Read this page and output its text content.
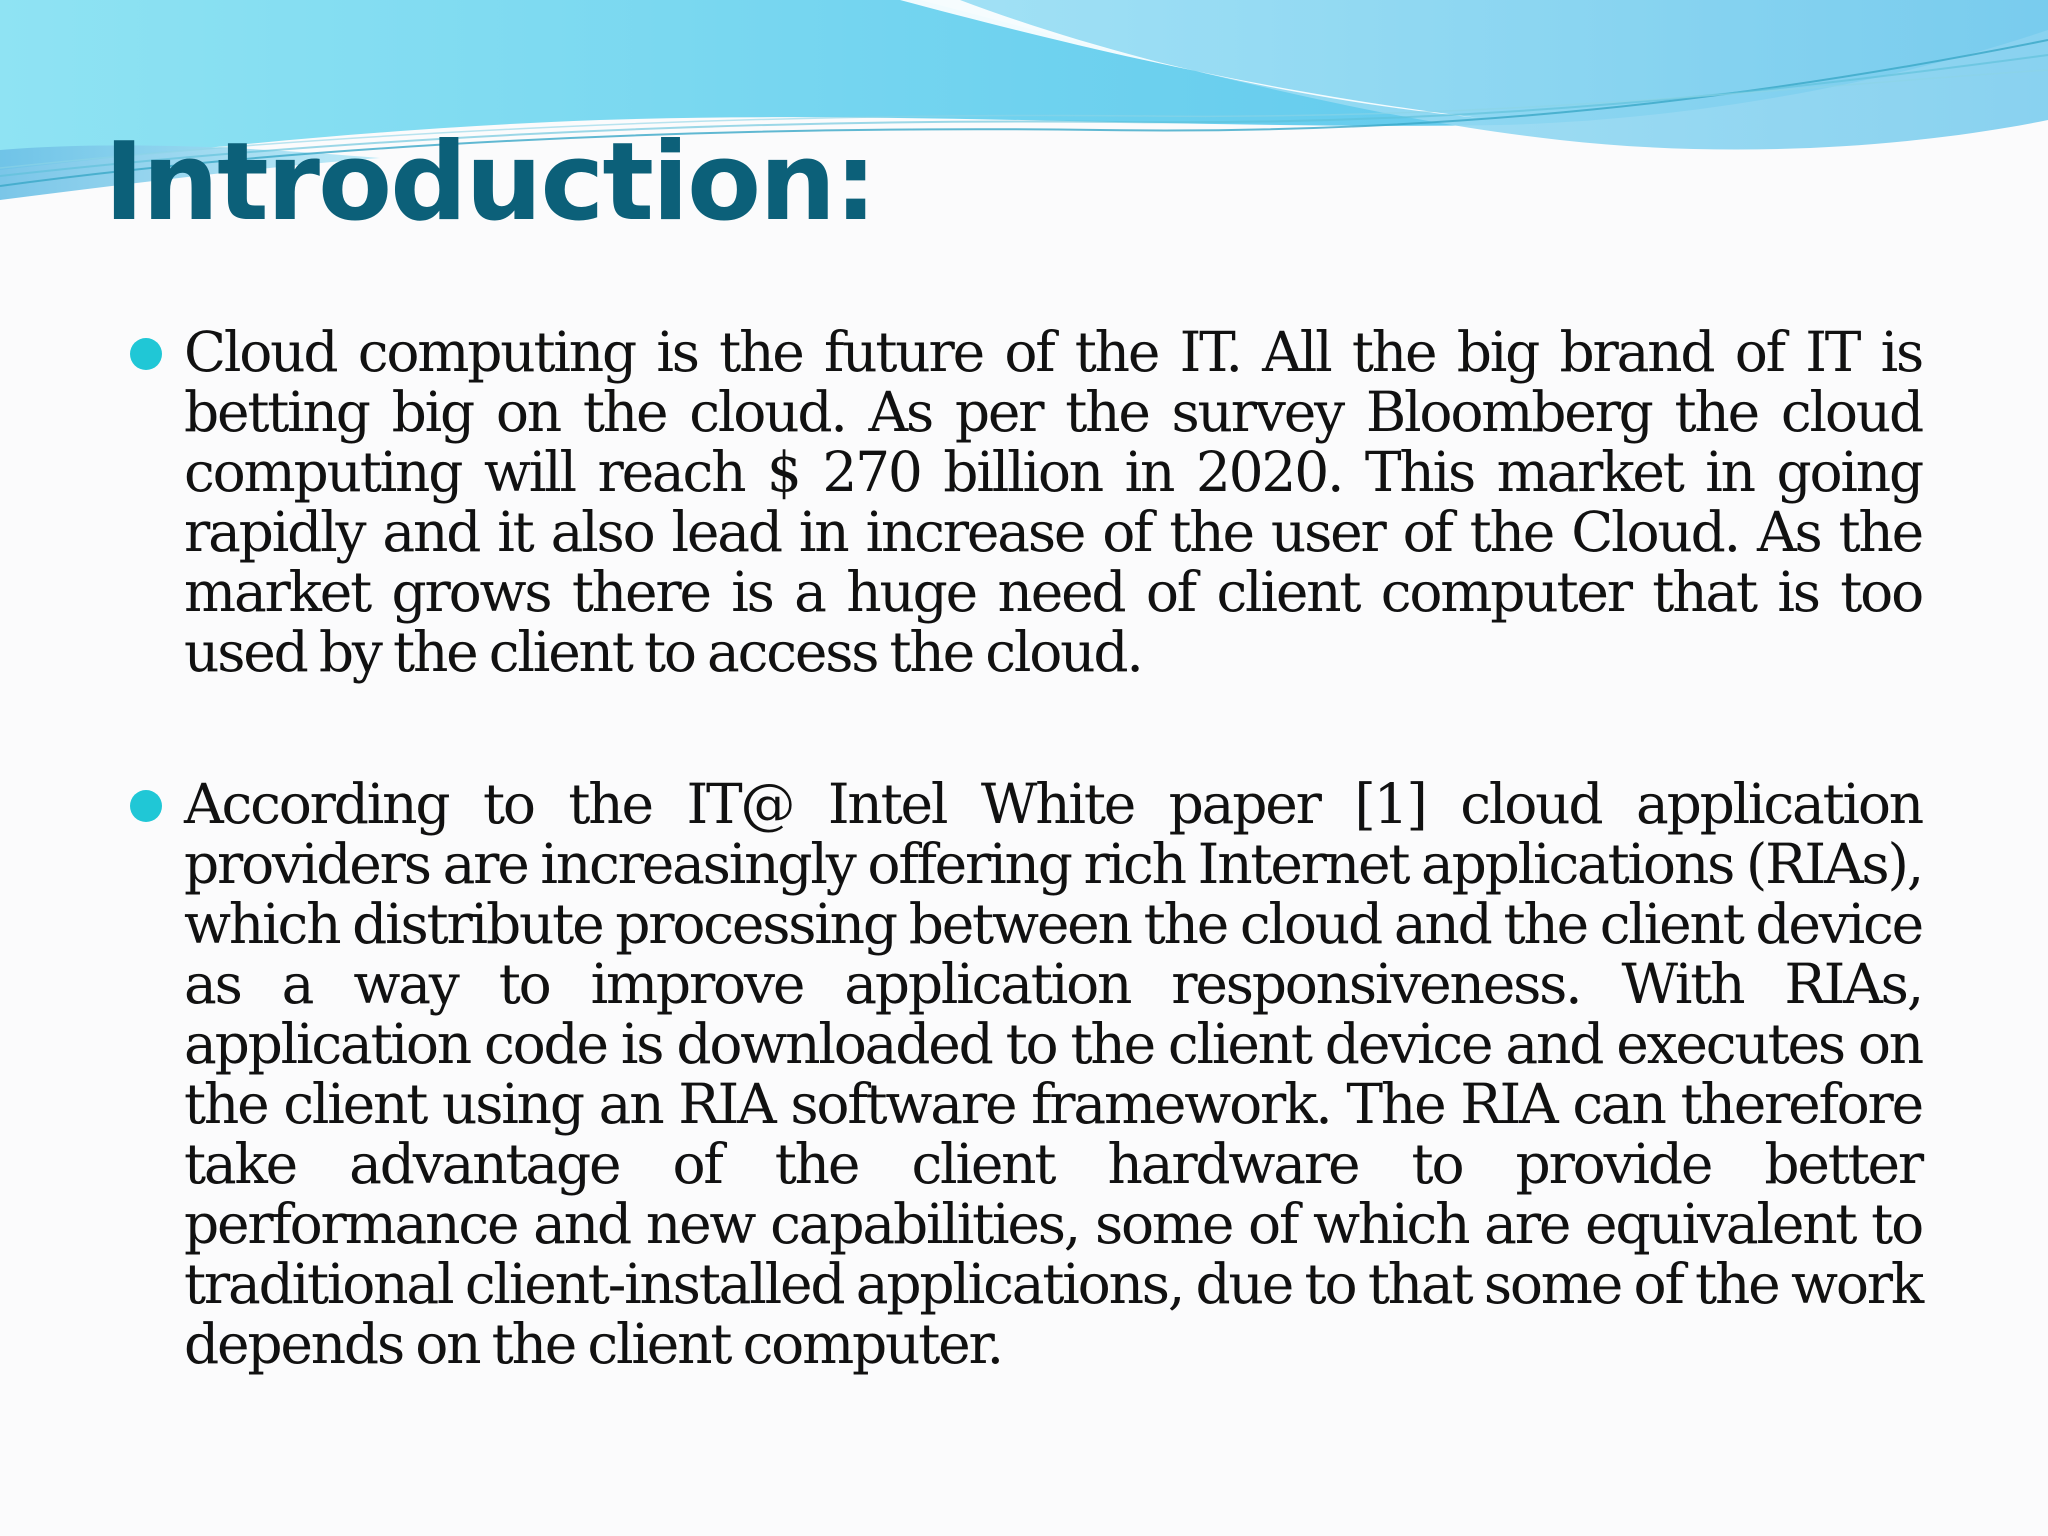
Introduction:
Cloud computing is the future of the IT. All the big brand of IT is betting big on the cloud. As per the survey Bloomberg the cloud computing will reach $ 270 billion in 2020. This market in going rapidly and it also lead in increase of the user of the Cloud. As the market grows there is a huge need of client computer that is too used by the client to access the cloud.
According to the IT@ Intel White paper [1] cloud application providers are increasingly offering rich Internet applications (RIAs), which distribute processing between the cloud and the client device as a way to improve application responsiveness. With RIAs, application code is downloaded to the client device and executes on the client using an RIA software framework. The RIA can therefore take advantage of the client hardware to provide better performance and new capabilities, some of which are equivalent to traditional client-installed applications, due to that some of the work depends on the client computer.
